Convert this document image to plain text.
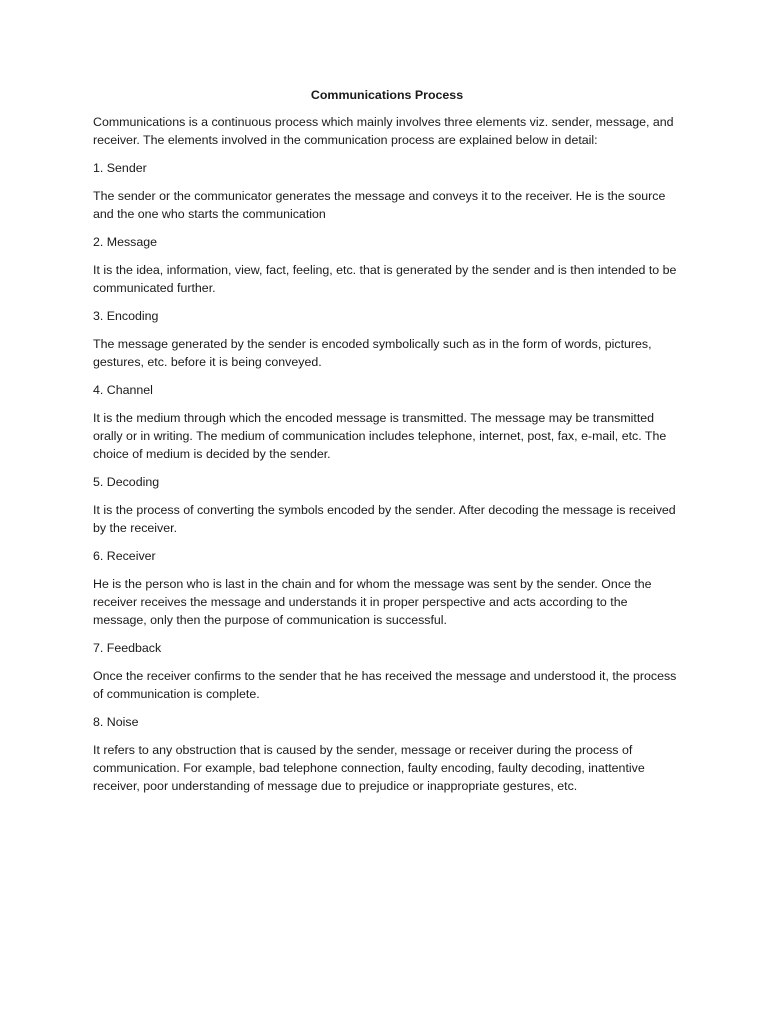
Communications Process
Communications is a continuous process which mainly involves three elements viz. sender, message, and receiver. The elements involved in the communication process are explained below in detail:
1. Sender
The sender or the communicator generates the message and conveys it to the receiver. He is the source and the one who starts the communication
2. Message
It is the idea, information, view, fact, feeling, etc. that is generated by the sender and is then intended to be communicated further.
3. Encoding
The message generated by the sender is encoded symbolically such as in the form of words, pictures, gestures, etc. before it is being conveyed.
4. Channel
It is the medium through which the encoded message is transmitted. The message may be transmitted orally or in writing. The medium of communication includes telephone, internet, post, fax, e-mail, etc. The choice of medium is decided by the sender.
5. Decoding
It is the process of converting the symbols encoded by the sender. After decoding the message is received by the receiver.
6. Receiver
He is the person who is last in the chain and for whom the message was sent by the sender. Once the receiver receives the message and understands it in proper perspective and acts according to the message, only then the purpose of communication is successful.
7. Feedback
Once the receiver confirms to the sender that he has received the message and understood it, the process of communication is complete.
8. Noise
It refers to any obstruction that is caused by the sender, message or receiver during the process of communication. For example, bad telephone connection, faulty encoding, faulty decoding, inattentive receiver, poor understanding of message due to prejudice or inappropriate gestures, etc.
